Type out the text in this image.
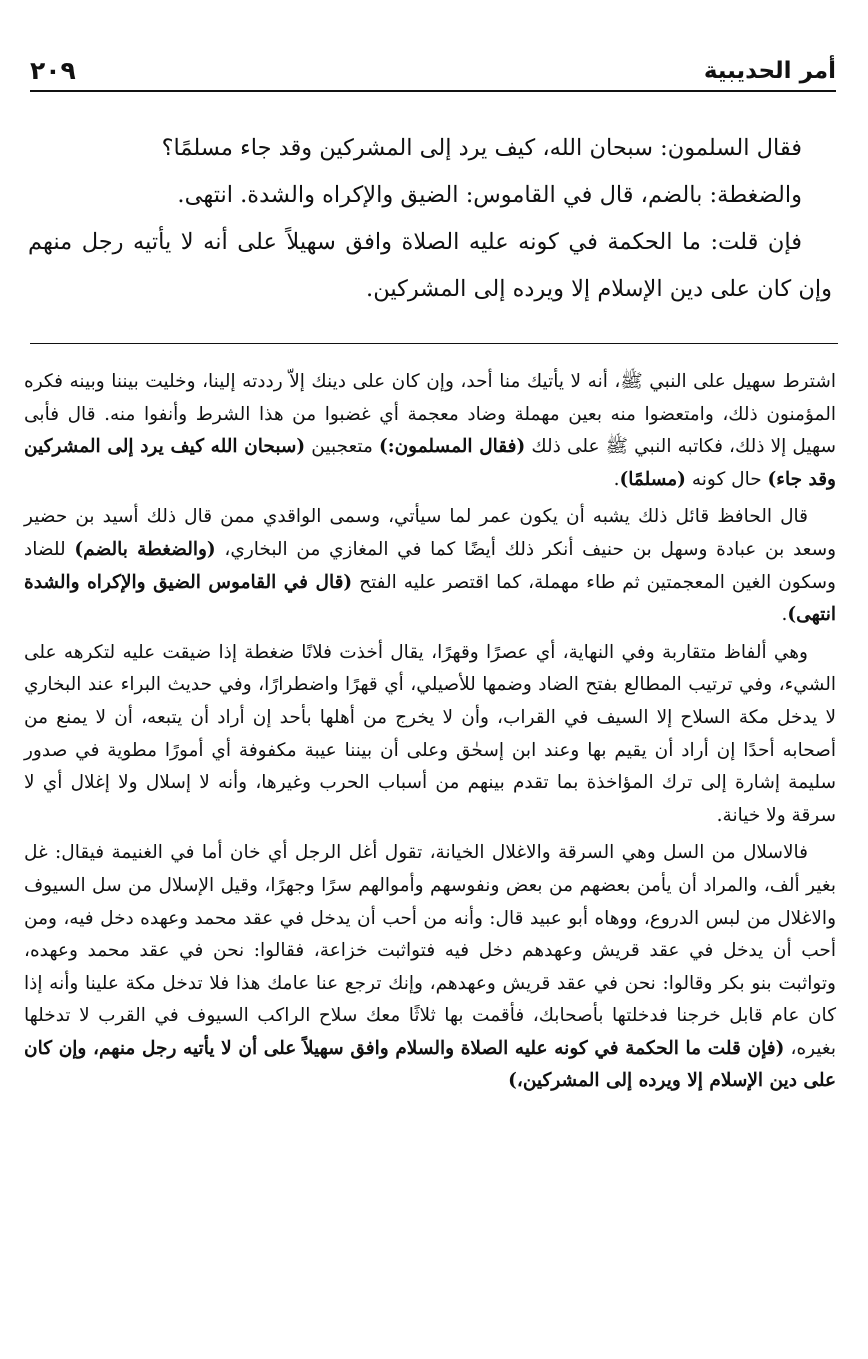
أمر الحديبية
٢٠٩

فقال السلمون: سبحان الله، كيف يرد إلى المشركين وقد جاء مسلمًا؟

والضغطة: بالضم، قال في القاموس: الضيق والإكراه والشدة. انتهى.

فإن قلت: ما الحكمة في كونه عليه الصلاة وافق سهيلاً على أنه لا يأتيه رجل منهم وإن كان على دين الإسلام إلا ويرده إلى المشركين.

اشترط سهيل على النبي ﷺ، أنه لا يأتيك منا أحد، وإن كان على دينك إلاّ رددته إلينا، وخليت بيننا وبينه فكره المؤمنون ذلك، وامتعضوا منه بعين مهملة وضاد معجمة أي غضبوا من هذا الشرط وأنفوا منه. قال فأبى سهيل إلا ذلك، فكاتبه النبي ﷺ على ذلك (فقال المسلمون:) متعجبين (سبحان الله كيف يرد إلى المشركين وقد جاء) حال كونه (مسلمًا).

قال الحافظ قائل ذلك يشبه أن يكون عمر لما سيأتي، وسمى الواقدي ممن قال ذلك أسيد بن حضير وسعد بن عبادة وسهل بن حنيف أنكر ذلك أيضًا كما في المغازي من البخاري، (والضغطة بالضم) للضاد وسكون الغين المعجمتين ثم طاء مهملة، كما اقتصر عليه الفتح (قال في القاموس الضيق والإكراه والشدة انتهى).

وهي ألفاظ متقاربة وفي النهاية، أي عصرًا وقهرًا، يقال أخذت فلانًا ضغطة إذا ضيقت عليه لتكرهه على الشيء، وفي ترتيب المطالع بفتح الضاد وضمها للأصيلي، أي قهرًا واضطرارًا، وفي حديث البراء عند البخاري لا يدخل مكة السلاح إلا السيف في القراب، وأن لا يخرج من أهلها بأحد إن أراد أن يتبعه، أن لا يمنع من أصحابه أحدًا إن أراد أن يقيم بها وعند ابن إسحٰق وعلى أن بيننا عيبة مكفوفة أي أمورًا مطوية في صدور سليمة إشارة إلى ترك المؤاخذة بما تقدم بينهم من أسباب الحرب وغيرها، وأنه لا إسلال ولا إغلال أي لا سرقة ولا خيانة.

فالاسلال من السل وهي السرقة والاغلال الخيانة، تقول أغل الرجل أي خان أما في الغنيمة فيقال: غل بغير ألف، والمراد أن يأمن بعضهم من بعض ونفوسهم وأموالهم سرًا وجهرًا، وقيل الإسلال من سل السيوف والاغلال من لبس الدروع، ووهاه أبو عبيد قال: وأنه من أحب أن يدخل في عقد محمد وعهده دخل فيه، ومن أحب أن يدخل في عقد قريش وعهدهم دخل فيه فتواثبت خزاعة، فقالوا: نحن في عقد محمد وعهده، وتواثبت بنو بكر وقالوا: نحن في عقد قريش وعهدهم، وإنك ترجع عنا عامك هذا فلا تدخل مكة علينا وأنه إذا كان عام قابل خرجنا فدخلتها بأصحابك، فأقمت بها ثلاثًا معك سلاح الراكب السيوف في القرب لا تدخلها بغيره، (فإن قلت ما الحكمة في كونه عليه الصلاة والسلام وافق سهيلاً على أن لا يأتيه رجل منهم، وإن كان على دين الإسلام إلا ويرده إلى المشركين،)
